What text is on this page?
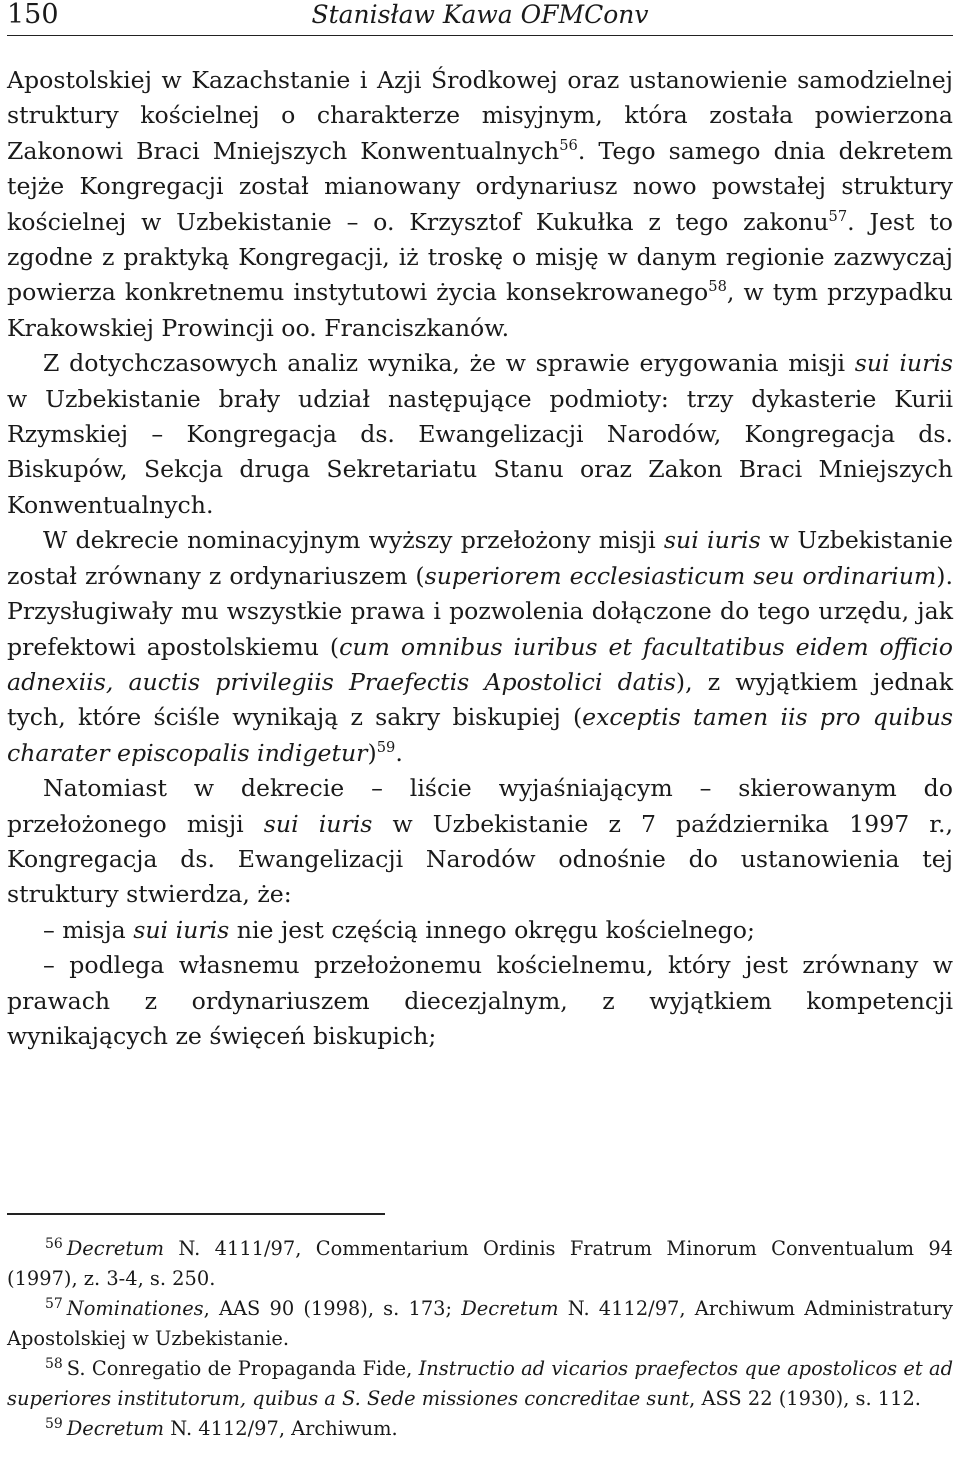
150	Stanisław Kawa OFMConv

Apostolskiej w Kazachstanie i Azji Środkowej oraz ustanowienie samodzielnej struktury kościelnej o charakterze misyjnym, która została powierzona Zakonowi Braci Mniejszych Konwentualnych$^{56}$. Tego samego dnia dekretem tejże Kongregacji został mianowany ordynariusz nowo powstałej struktury kościelnej w Uzbekistanie – o. Krzysztof Kukułka z tego zakonu$^{57}$. Jest to zgodne z praktyką Kongregacji, iż troskę o misję w danym regionie zazwyczaj powierza konkretnemu instytutowi życia konsekrowanego$^{58}$, w tym przypadku Krakowskiej Prowincji oo. Franciszkanów.

Z dotychczasowych analiz wynika, że w sprawie erygowania misji sui iuris w Uzbekistanie brały udział następujące podmioty: trzy dykasterie Kurii Rzymskiej – Kongregacja ds. Ewangelizacji Narodów, Kongregacja ds. Biskupów, Sekcja druga Sekretariatu Stanu oraz Zakon Braci Mniejszych Konwentualnych.

W dekrecie nominacyjnym wyższy przełożony misji sui iuris w Uzbekistanie został zrównany z ordynariuszem (superiorem ecclesiasticum seu ordinarium). Przysługiwały mu wszystkie prawa i pozwolenia dołączone do tego urzędu, jak prefektowi apostolskiemu (cum omnibus iuribus et facultatibus eidem officio adnexiis, auctis privilegiis Praefectis Apostolici datis), z wyjątkiem jednak tych, które ściśle wynikają z sakry biskupiej (exceptis tamen iis pro quibus charater episcopalis indigetur)$^{59}$.

Natomiast w dekrecie – liście wyjaśniającym – skierowanym do przełożonego misji sui iuris w Uzbekistanie z 7 października 1997 r., Kongregacja ds. Ewangelizacji Narodów odnośnie do ustanowienia tej struktury stwierdza, że:

– misja sui iuris nie jest częścią innego okręgu kościelnego;

– podlega własnemu przełożonemu kościelnemu, który jest zrównany w prawach z ordynariuszem diecezjalnym, z wyjątkiem kompetencji wynikających ze święceń biskupich;

$^{56}$ Decretum N. 4111/97, Commentarium Ordinis Fratrum Minorum Conventualum 94 (1997), z. 3-4, s. 250.

$^{57}$ Nominationes, AAS 90 (1998), s. 173; Decretum N. 4112/97, Archiwum Administratury Apostolskiej w Uzbekistanie.

$^{58}$ S. Conregatio de Propaganda Fide, Instructio ad vicarios praefectos que apostolicos et ad superiores institutorum, quibus a S. Sede missiones concreditae sunt, ASS 22 (1930), s. 112.

$^{59}$ Decretum N. 4112/97, Archiwum.
